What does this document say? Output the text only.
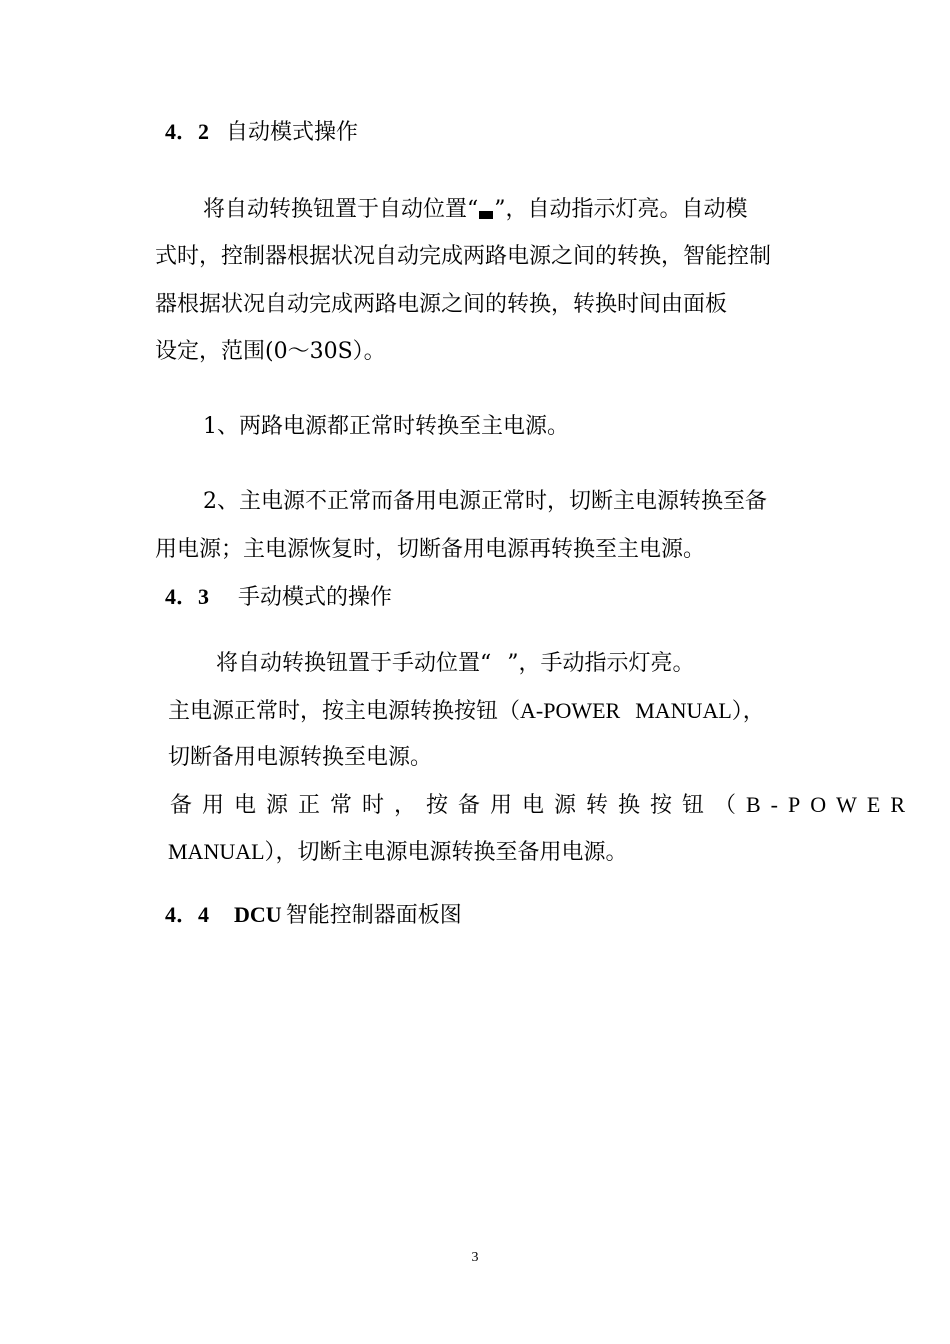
4．2 自动模式操作
将自动转换钮置于自动位置“ ”，自动指示灯亮。自动模
式时，控制器根据状况自动完成两路电源之间的转换，智能控制
器根据状况自动完成两路电源之间的转换，转换时间由面板
设定，范围(0～30S）。
1、两路电源都正常时转换至主电源。
2、主电源不正常而备用电源正常时，切断主电源转换至备
用电源；主电源恢复时，切断备用电源再转换至主电源。
4．3 手动模式的操作
将自动转换钮置于手动位置“ ”，手动指示灯亮。
主电源正常时，按主电源转换按钮（A-POWER  MANUAL），
切断备用电源转换至电源。
备用电源正常时，按备用电源转换按钮（B-POWER
MANUAL），切断主电源电源转换至备用电源。
4．4 DCU 智能控制器面板图
3
